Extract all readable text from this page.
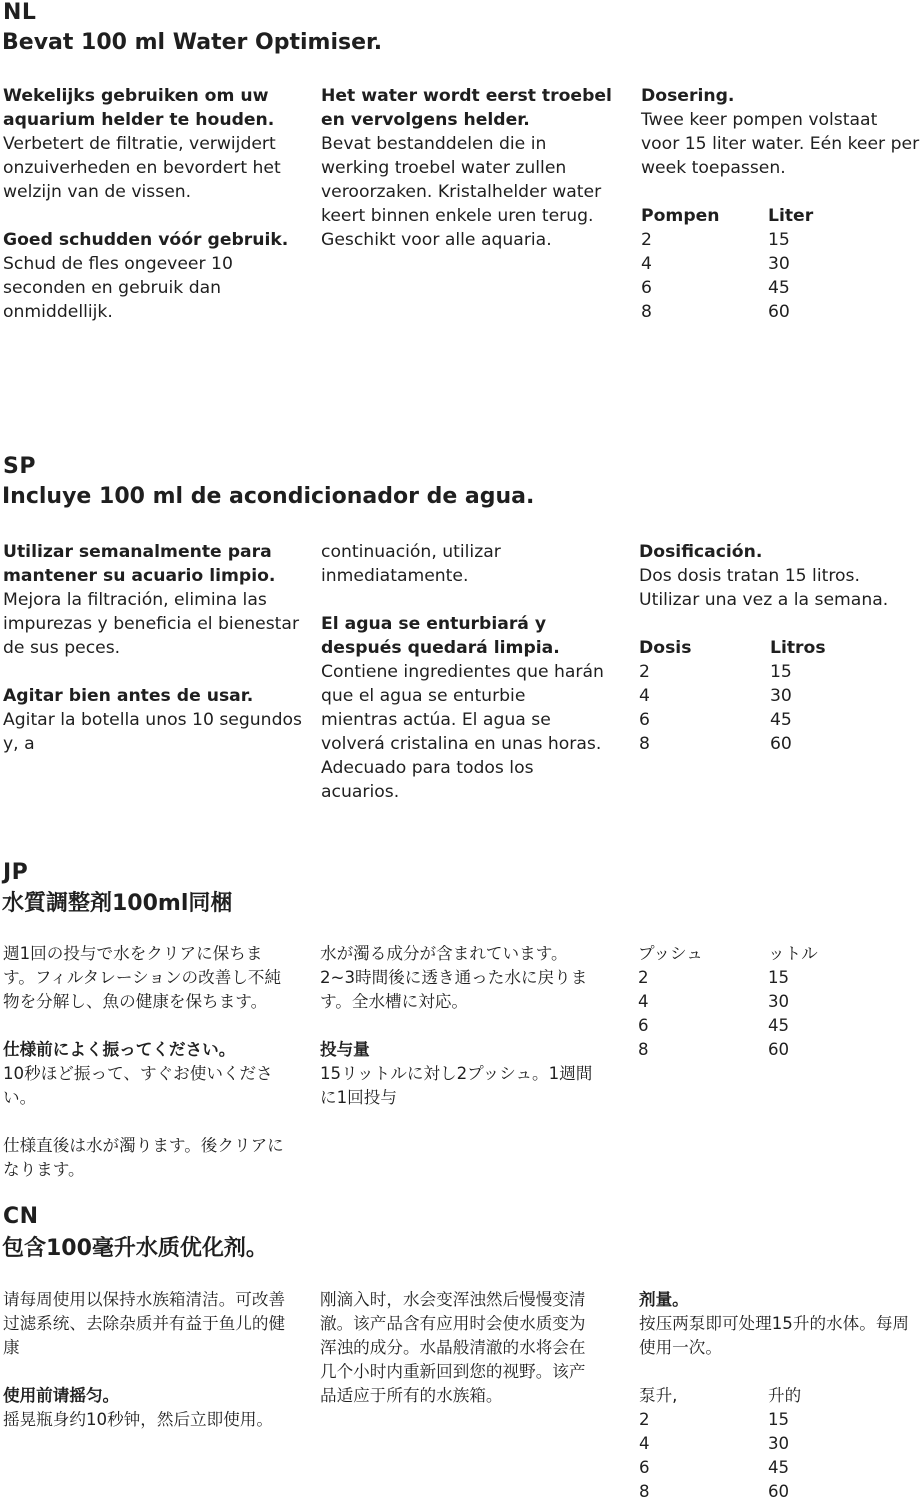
NL
Bevat 100 ml Water Optimiser.

Wekelijks gebruiken om uw aquarium helder te houden.
Verbetert de filtratie, verwijdert onzuiverheden en bevordert het welzijn van de vissen.

Goed schudden vóór gebruik.
Schud de fles ongeveer 10 seconden en gebruik dan onmiddellijk.

Het water wordt eerst troebel en vervolgens helder.
Bevat bestanddelen die in werking troebel water zullen veroorzaken. Kristalhelder water keert binnen enkele uren terug. Geschikt voor alle aquaria.

Dosering.
Twee keer pompen volstaat voor 15 liter water. Eén keer per week toepassen.

Pompen	Liter
2	15
4	30
6	45
8	60
SP
Incluye 100 ml de acondicionador de agua.

Utilizar semanalmente para mantener su acuario limpio.
Mejora la filtración, elimina las impurezas y beneficia el bienestar de sus peces.

Agitar bien antes de usar.
Agitar la botella unos 10 segundos y, a

continuación, utilizar inmediatamente.

El agua se enturbiará y después quedará limpia.
Contiene ingredientes que harán que el agua se enturbie mientras actúa. El agua se volverá cristalina en unas horas. Adecuado para todos los acuarios.

Dosificación.
Dos dosis tratan 15 litros. Utilizar una vez a la semana.

Dosis	Litros
2	15
4	30
6	45
8	60
JP
水質調整剤100ml同梱

週1回の投与で水をクリアに保ちます。フィルタレーションの改善し不純物を分解し、魚の健康を保ちます。

仕様前によく振ってください。
10秒ほど振って、すぐお使いください。

仕様直後は水が濁ります。後クリアになります。

水が濁る成分が含まれています。2~3時間後に透き通った水に戻ります。全水槽に対応。

投与量
15リットルに対し2プッシュ。1週間に1回投与

プッシュ	ットル
2	15
4	30
6	45
8	60
CN
包含100毫升水质优化剂。

请每周使用以保持水族箱清洁。可改善过滤系统、去除杂质并有益于鱼儿的健康

使用前请摇匀。
摇晃瓶身约10秒钟，然后立即使用。

刚滴入时，水会变浑浊然后慢慢变清澈。该产品含有应用时会使水质变为浑浊的成分。水晶般清澈的水将会在几个小时内重新回到您的视野。该产品适应于所有的水族箱。

剂量。
按压两泵即可处理15升的水体。每周使用一次。

泵升,	升的
2	15
4	30
6	45
8	60
